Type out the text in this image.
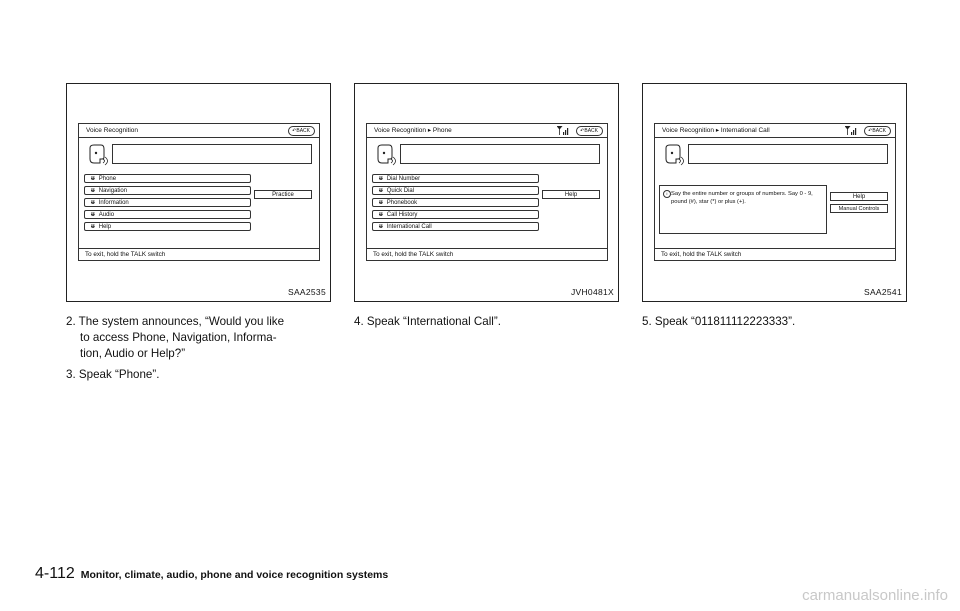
Voice Recognition	↶BACK
ᵿ Phone
ᵿ Navigation
ᵿ Information
ᵿ Audio
ᵿ Help
Practice
To exit, hold the TALK switch
SAA2535
Voice Recognition ▸ Phone	↶BACK
ᵿ Dial Number
ᵿ Quick Dial
ᵿ Phonebook
ᵿ Call History
ᵿ International Call
Help
To exit, hold the TALK switch
JVH0481X
Voice Recognition ▸ International Call	↶BACK
i Say the entire number or groups of numbers. Say 0 - 9, pound (#), star (*) or plus (+).
Help
Manual Controls
To exit, hold the TALK switch
SAA2541
2. The system announces, “Would you like
to access Phone, Navigation, Informa-
tion, Audio or Help?”
3. Speak “Phone”.
4. Speak “International Call”.	5. Speak “011811112223333”.
4-112 Monitor, climate, audio, phone and voice recognition systems
carmanualsonline.info
